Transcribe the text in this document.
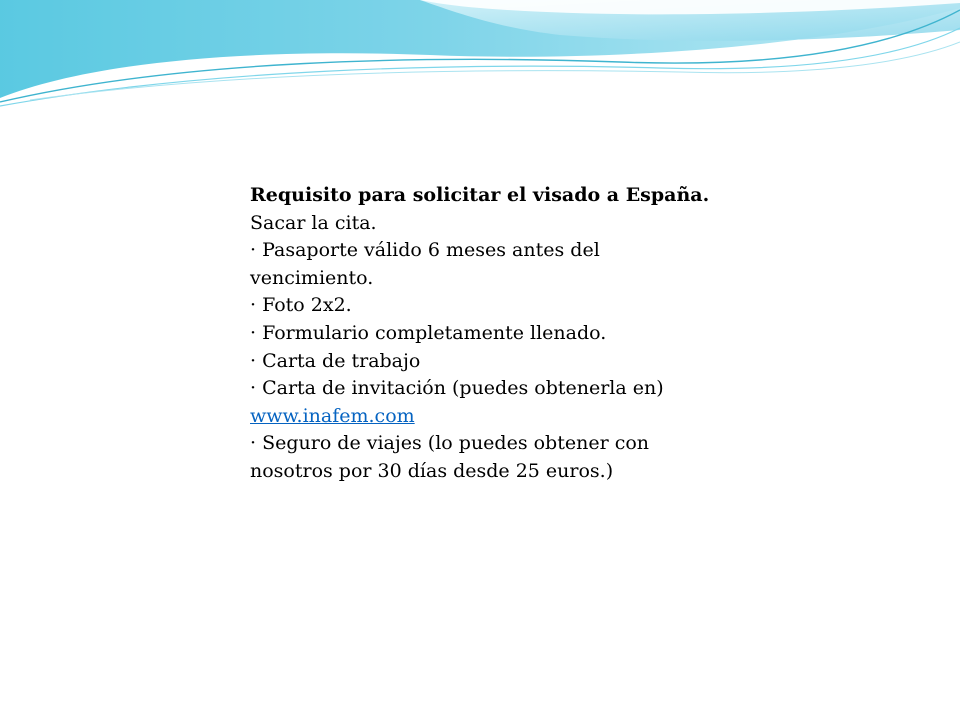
Requisito para solicitar el visado a España.
Sacar la cita.
· Pasaporte válido 6 meses antes del vencimiento.
· Foto 2x2.
· Formulario completamente llenado.
· Carta de trabajo
· Carta de invitación (puedes obtenerla en)
www.inafem.com
· Seguro de viajes (lo puedes obtener con nosotros por 30 días desde 25 euros.)
